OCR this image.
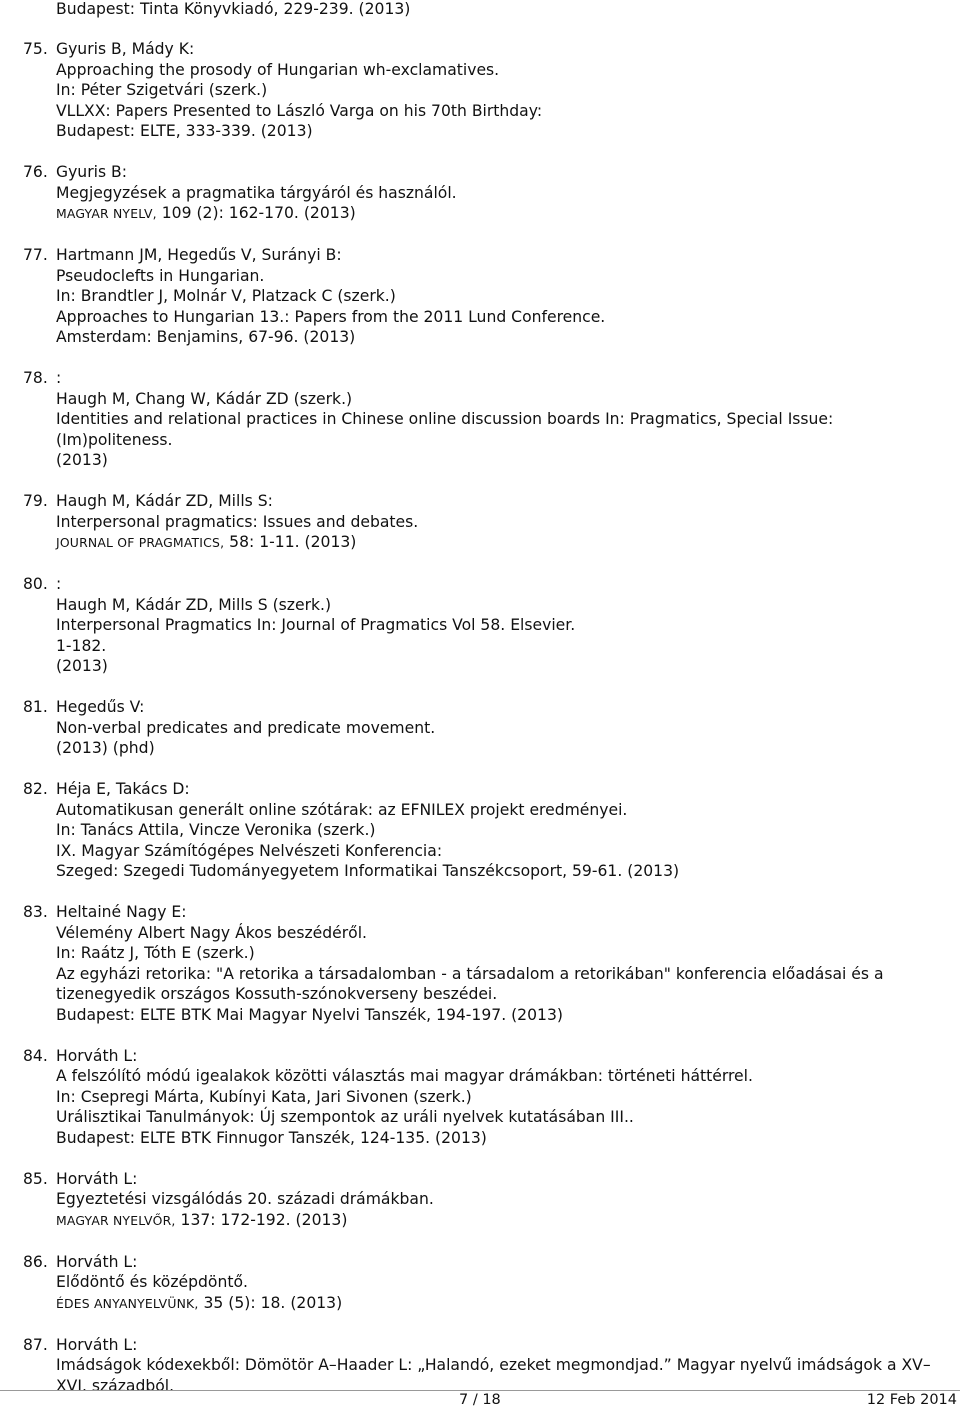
Budapest: Tinta Könyvkiadó, 229-239. (2013)
75. Gyuris B, Mády K:
Approaching the prosody of Hungarian wh-exclamatives.
In: Péter Szigetvári (szerk.)
VLLXX: Papers Presented to László Varga on his 70th Birthday:
Budapest: ELTE, 333-339. (2013)
76. Gyuris B:
Megjegyzések a pragmatika tárgyáról és használól.
MAGYAR NYELV, 109 (2): 162-170. (2013)
77. Hartmann JM, Hegedűs V, Surányi B:
Pseudoclefts in Hungarian.
In: Brandtler J, Molnár V, Platzack C (szerk.)
Approaches to Hungarian 13.: Papers from the 2011 Lund Conference.
Amsterdam: Benjamins, 67-96. (2013)
78. :
Haugh M, Chang W, Kádár ZD (szerk.)
Identities and relational practices in Chinese online discussion boards In: Pragmatics, Special Issue: (Im)politeness.
(2013)
79. Haugh M, Kádár ZD, Mills S:
Interpersonal pragmatics: Issues and debates.
JOURNAL OF PRAGMATICS, 58: 1-11. (2013)
80. :
Haugh M, Kádár ZD, Mills S (szerk.)
Interpersonal Pragmatics In: Journal of Pragmatics Vol 58. Elsevier.
1-182.
(2013)
81. Hegedűs V:
Non-verbal predicates and predicate movement.
(2013) (phd)
82. Héja E, Takács D:
Automatikusan generált online szótárak: az EFNILEX projekt eredményei.
In: Tanács Attila, Vincze Veronika (szerk.)
IX. Magyar Számítógépes Nelvészeti Konferencia:
Szeged: Szegedi Tudományegyetem Informatikai Tanszékcsoport, 59-61. (2013)
83. Heltainé Nagy E:
Vélemény Albert Nagy Ákos beszédéről.
In: Raátz J, Tóth E (szerk.)
Az egyházi retorika: "A retorika a társadalomban - a társadalom a retorikában" konferencia előadásai és a tizenegyedik országos Kossuth-szónokverseny beszédei.
Budapest: ELTE BTK Mai Magyar Nyelvi Tanszék, 194-197. (2013)
84. Horváth L:
A felszólító módú igealakok közötti választás mai magyar drámákban: történeti háttérrel.
In: Csepregi Márta, Kubínyi Kata, Jari Sivonen (szerk.)
Urálisztikai Tanulmányok: Új szempontok az uráli nyelvek kutatásában III..
Budapest: ELTE BTK Finnugor Tanszék, 124-135. (2013)
85. Horváth L:
Egyeztetési vizsgálódás 20. századi drámákban.
MAGYAR NYELVŐR, 137: 172-192. (2013)
86. Horváth L:
Elődöntő és középdöntő.
ÉDES ANYANYELVÜNK, 35 (5): 18. (2013)
87. Horváth L:
Imádságok kódexekből: Dömötör A–Haader L: „Halandó, ezeket megmondjad.” Magyar nyelvű imádságok a XV–XVI. századból.
7 / 18	12 Feb 2014
